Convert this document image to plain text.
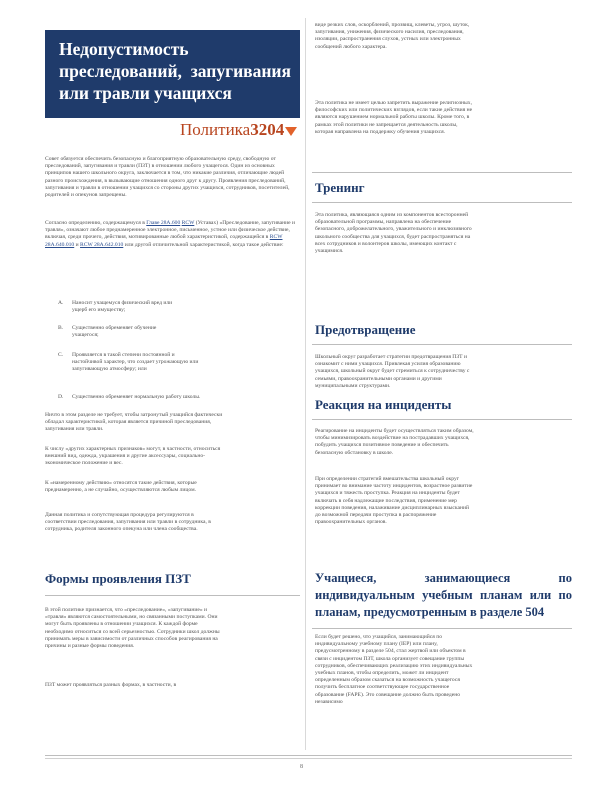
Недопустимость преследований, запугивания или травли учащихся
Политика3204

Совет обязуется обеспечить безопасную и благоприятную образовательную среду, свободную от преследований, запугивания и травли (ПЗТ) в отношении любого учащегося. Один из основных принципов нашего школьного округа, заключается в том, что никакие различия, отличающие людей разного происхождения, в вызывающие отношения одного друг к другу. Проявления преследований, запугивания и травли в отношении учащихся со стороны других учащихся, сотрудников, посетителей, родителей и опекунов запрещены.

Согласно определению, содержащемуся в Главе 28A.600 RCW (Уставах) «Преследование, запугивание и травля», означают любое преднамеренное электронное, письменное, устное или физическое действие, включая, среди прочего, действия, мотивированные любой характеристикой, содержащейся в RCW 28A.640.010 и RCW 28A.642.010 или другой отличительной характеристикой, когда такое действие:

A. Наносит учащемуся физический вред или ущерб его имуществу;
B. Существенно обременяет обучение учащегося;
C. Проявляется в такой степени постоянной и настойчивой характер, что создает угрожающую или запугивающую атмосферу; или
D. Существенно обременяет нормальную работу школы.

Ничто в этом разделе не требует, чтобы затронутый учащийся фактически обладал характеристикой, которая является причиной преследования, запугивания или травли.

К числу «других характерных признаков» могут, в частности, относиться внешний вид, одежда, украшения и другие аксессуары, социально-экономическое положение и вес.

К «намеренному действию» относятся такие действия, которые преднамеренно, а не случайно, осуществляются любым лицом.

Данная политика и сопутствующая процедура регулируются в соответствии преследования, запугивания или травли в сотрудника, в сотрудника, родителя законного опекуна или члена сообщества.

Формы проявления ПЗТ

В этой политике признается, что «преследование», «запугивание» и «травля» являются самостоятельными, но связанными поступками. Они могут быть проявлены в отношении учащихся. К каждой форме необходимо относиться со всей серьезностью. Сотрудники школ должны принимать меры в зависимости от различных способов реагирования на причины и разные формы поведения.

ПЗТ может проявляться разных формах, в частности, в

виде резких слов, оскорблений, прозвищ, клеветы, угроз, шуток, запугивания, унижения, физического насилия, преследования, изоляции, распространения слухов, устных или электронных сообщений любого характера.

Эта политика не имеет целью запретить выражение религиозных, философских или политических взглядов, если такие действия не являются нарушением нормальной работы школы. Кроме того, в рамках этой политики не запрещается деятельность школы, которая направлена на поддержку обучения учащихся.

Тренинг

Эта политика, являющаяся одним из компонентов всесторонней образовательной программы, направлена на обеспечение безопасного, доброжелательного, уважительного и инклюзивного школьного сообщества для учащихся, будет распространяться на всех сотрудников и волонтеров школы, имеющих контакт с учащимися.

Предотвращение

Школьный округ разработает стратегии предотвращения ПЗТ и ознакомит с ними учащихся. Привлекая усилия образованию учащихся, школьный округ будет стремиться к сотрудничеству с семьями, правоохранительными органами и другими муниципальными структурами.

Реакция на инциденты

Реагирование на инциденты будет осуществляться таким образом, чтобы минимизировать воздействие на пострадавших учащихся, побудить учащихся позитивное поведение и обеспечить безопасную обстановку в школе.

При определении стратегий вмешательства школьный округ принимает во внимание частоту инцидентов, возрастное развитие учащихся и тяжесть проступка. Реакция на инциденты будет включать в себя надлежащие последствия, применение мер коррекции поведения, налаживание дисциплинарных взысканий до возможной передачи проступка в распоряжение правоохранительных органов.

Учащиеся, занимающиеся по индивидуальным учебным планам или по планам, предусмотренным в разделе 504

Если будет решено, что учащийся, занимающийся по индивидуальному учебному плану (IEP) или плану, предусмотренному в разделе 504, стал жертвой или объектом в связи с инцидентом ПЗТ, школа организует совещание группы сотрудников, обеспечивающих реализацию этих индивидуальных учебных планов, чтобы определить, может ли инцидент определенным образом сказаться на возможность учащегося получить бесплатное соответствующее государственное образование (FAPE). Это совещание должно быть проведено независимо

8
